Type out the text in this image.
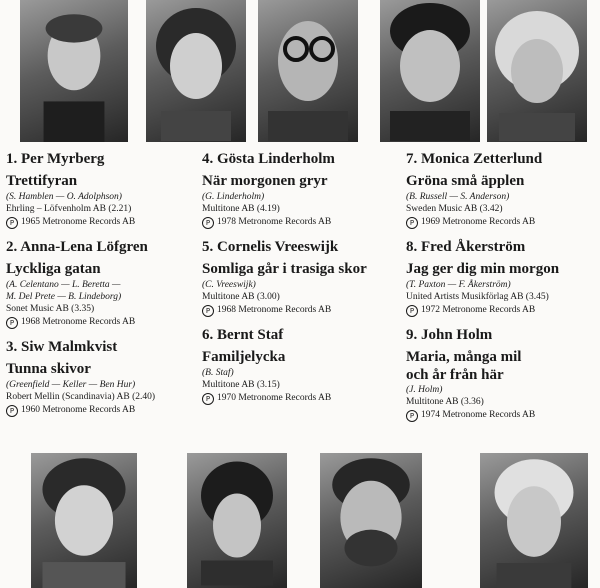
1. Per Myrberg

Trettifyran

(S. Hamblen — O. Adolphson)
Ehrling – Löfvenholm AB (2.21)
P 1965 Metronome Records AB

2. Anna-Lena Löfgren

Lyckliga gatan

(A. Celentano — L. Beretta —
M. Del Prete — B. Lindeborg)
Sonet Music AB (3.35)
P 1968 Metronome Records AB

3. Siw Malmkvist

Tunna skivor

(Greenfield — Keller — Ben Hur)
Robert Mellin (Scandinavia) AB (2.40)
P 1960 Metronome Records AB

4. Gösta Linderholm

När morgonen gryr

(G. Linderholm)
Multitone AB (4.19)
P 1978 Metronome Records AB

5. Cornelis Vreeswijk

Somliga går i trasiga skor

(C. Vreeswijk)
Multitone AB (3.00)
P 1968 Metronome Records AB

6. Bernt Staf

Familjelycka

(B. Staf)
Multitone AB (3.15)
P 1970 Metronome Records AB

7. Monica Zetterlund

Gröna små äpplen

(B. Russell — S. Anderson)
Sweden Music AB (3.42)
P 1969 Metronome Records AB

8. Fred Åkerström

Jag ger dig min morgon

(T. Paxton — F. Åkerström)
United Artists Musikförlag AB (3.45)
P 1972 Metronome Records AB

9. John Holm

Maria, många mil
och år från här

(J. Holm)
Multitone AB (3.36)
P 1974 Metronome Records AB
